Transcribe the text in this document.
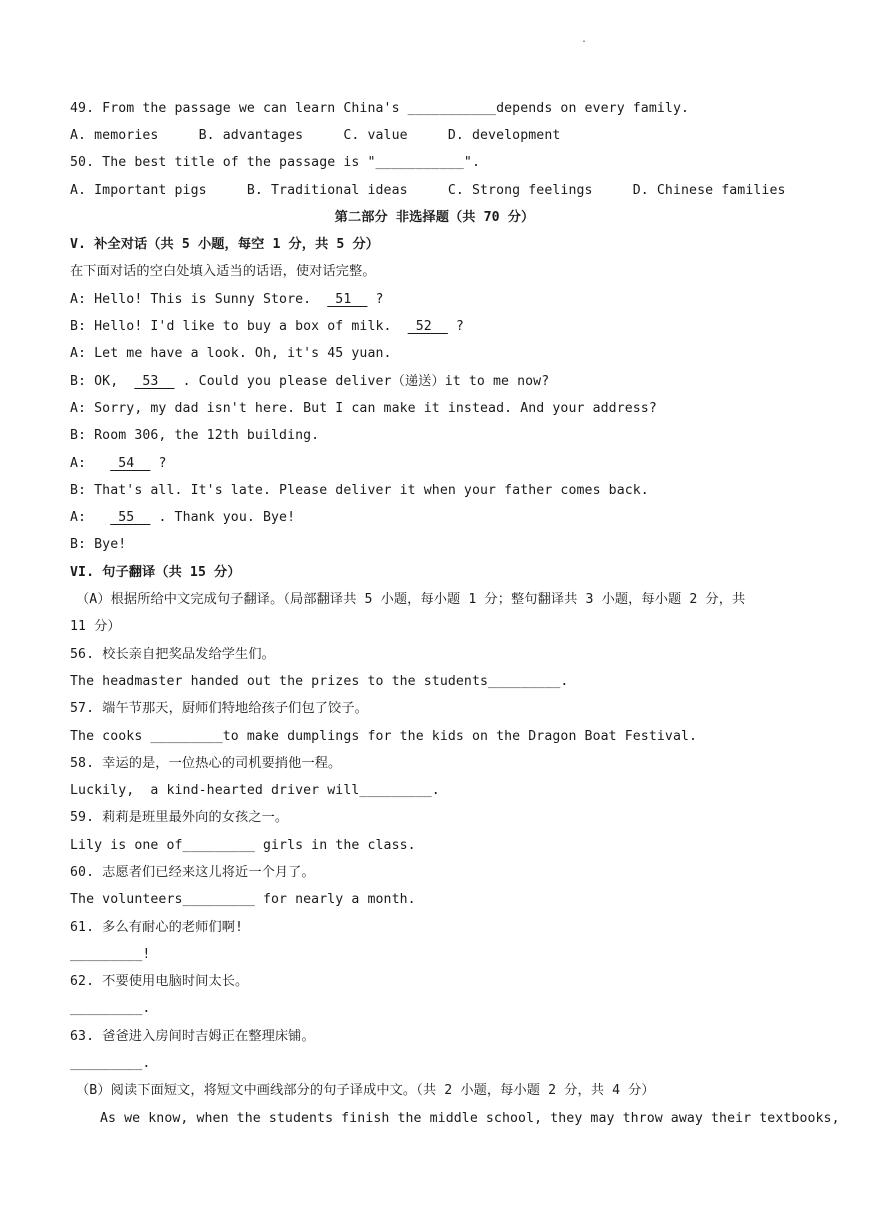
.
49. From the passage we can learn China's ___________depends on every family.
A. memories     B. advantages     C. value     D. development
50. The best title of the passage is "___________".
A. Important pigs     B. Traditional ideas     C. Strong feelings     D. Chinese families
第二部分 非选择题（共 70 分）
V. 补全对话（共 5 小题，每空 1 分，共 5 分）
在下面对话的空白处填入适当的话语，使对话完整。
A: Hello! This is Sunny Store.   51   ?
B: Hello! I'd like to buy a box of milk.   52   ?
A: Let me have a look. Oh, it's 45 yuan.
B: OK,   53   . Could you please deliver（递送）it to me now?
A: Sorry, my dad isn't here. But I can make it instead. And your address?
B: Room 306, the 12th building.
A:    54   ?
B: That's all. It's late. Please deliver it when your father comes back.
A:    55   . Thank you. Bye!
B: Bye!
VI. 句子翻译（共 15 分）
（A）根据所给中文完成句子翻译。（局部翻译共 5 小题，每小题 1 分；整句翻译共 3 小题，每小题 2 分，共
11 分）
56. 校长亲自把奖品发给学生们。
The headmaster handed out the prizes to the students_________.
57. 端午节那天，厨师们特地给孩子们包了饺子。
The cooks _________to make dumplings for the kids on the Dragon Boat Festival.
58. 幸运的是，一位热心的司机要捎他一程。
Luckily,  a kind-hearted driver will_________.
59. 莉莉是班里最外向的女孩之一。
Lily is one of_________ girls in the class.
60. 志愿者们已经来这儿将近一个月了。
The volunteers_________ for nearly a month.
61. 多么有耐心的老师们啊!
_________!
62. 不要使用电脑时间太长。
_________.
63. 爸爸进入房间时吉姆正在整理床铺。
_________.
（B）阅读下面短文，将短文中画线部分的句子译成中文。（共 2 小题，每小题 2 分，共 4 分）
As we know, when the students finish the middle school, they may throw away their textbooks,
